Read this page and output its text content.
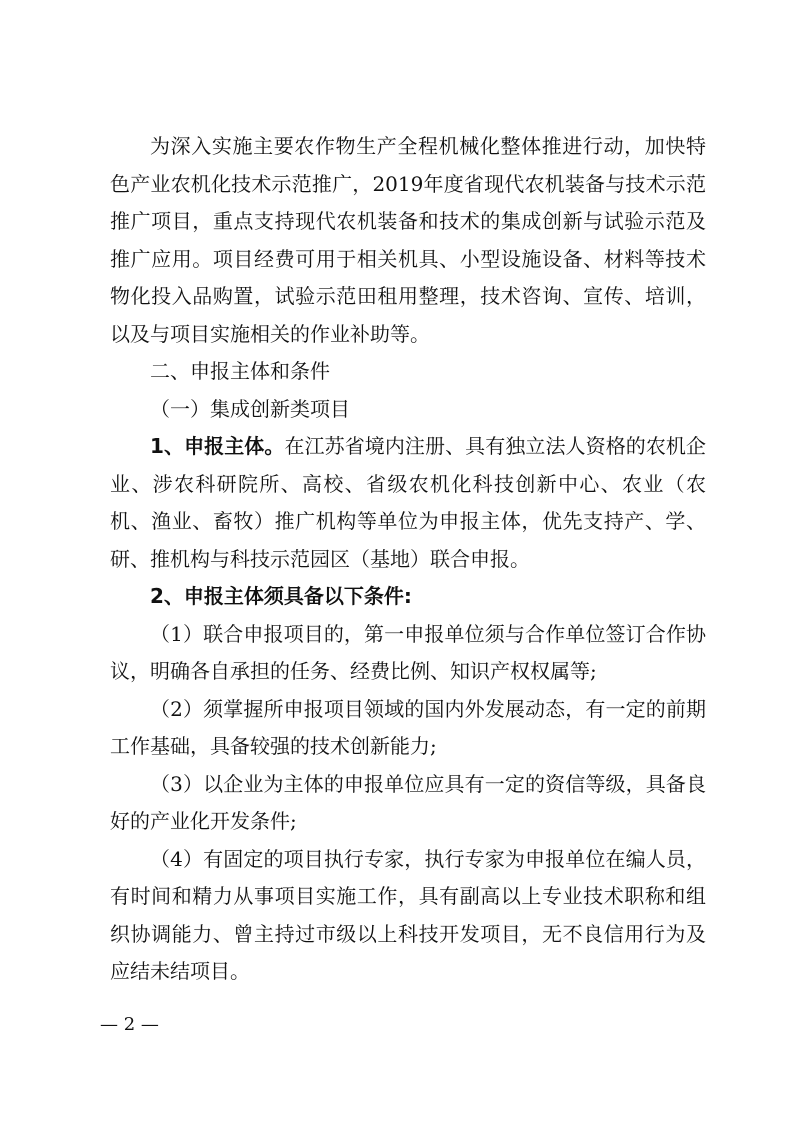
为深入实施主要农作物生产全程机械化整体推进行动，加快特色产业农机化技术示范推广，2019年度省现代农机装备与技术示范推广项目，重点支持现代农机装备和技术的集成创新与试验示范及推广应用。项目经费可用于相关机具、小型设施设备、材料等技术物化投入品购置，试验示范田租用整理，技术咨询、宣传、培训，以及与项目实施相关的作业补助等。

二、申报主体和条件

（一）集成创新类项目

1、申报主体。在江苏省境内注册、具有独立法人资格的农机企业、涉农科研院所、高校、省级农机化科技创新中心、农业（农机、渔业、畜牧）推广机构等单位为申报主体，优先支持产、学、研、推机构与科技示范园区（基地）联合申报。

2、申报主体须具备以下条件:

（1）联合申报项目的，第一申报单位须与合作单位签订合作协议，明确各自承担的任务、经费比例、知识产权权属等;

（2）须掌握所申报项目领域的国内外发展动态，有一定的前期工作基础，具备较强的技术创新能力;

（3）以企业为主体的申报单位应具有一定的资信等级，具备良好的产业化开发条件;

（4）有固定的项目执行专家，执行专家为申报单位在编人员，有时间和精力从事项目实施工作，具有副高以上专业技术职称和组织协调能力、曾主持过市级以上科技开发项目，无不良信用行为及应结未结项目。

— 2 —
